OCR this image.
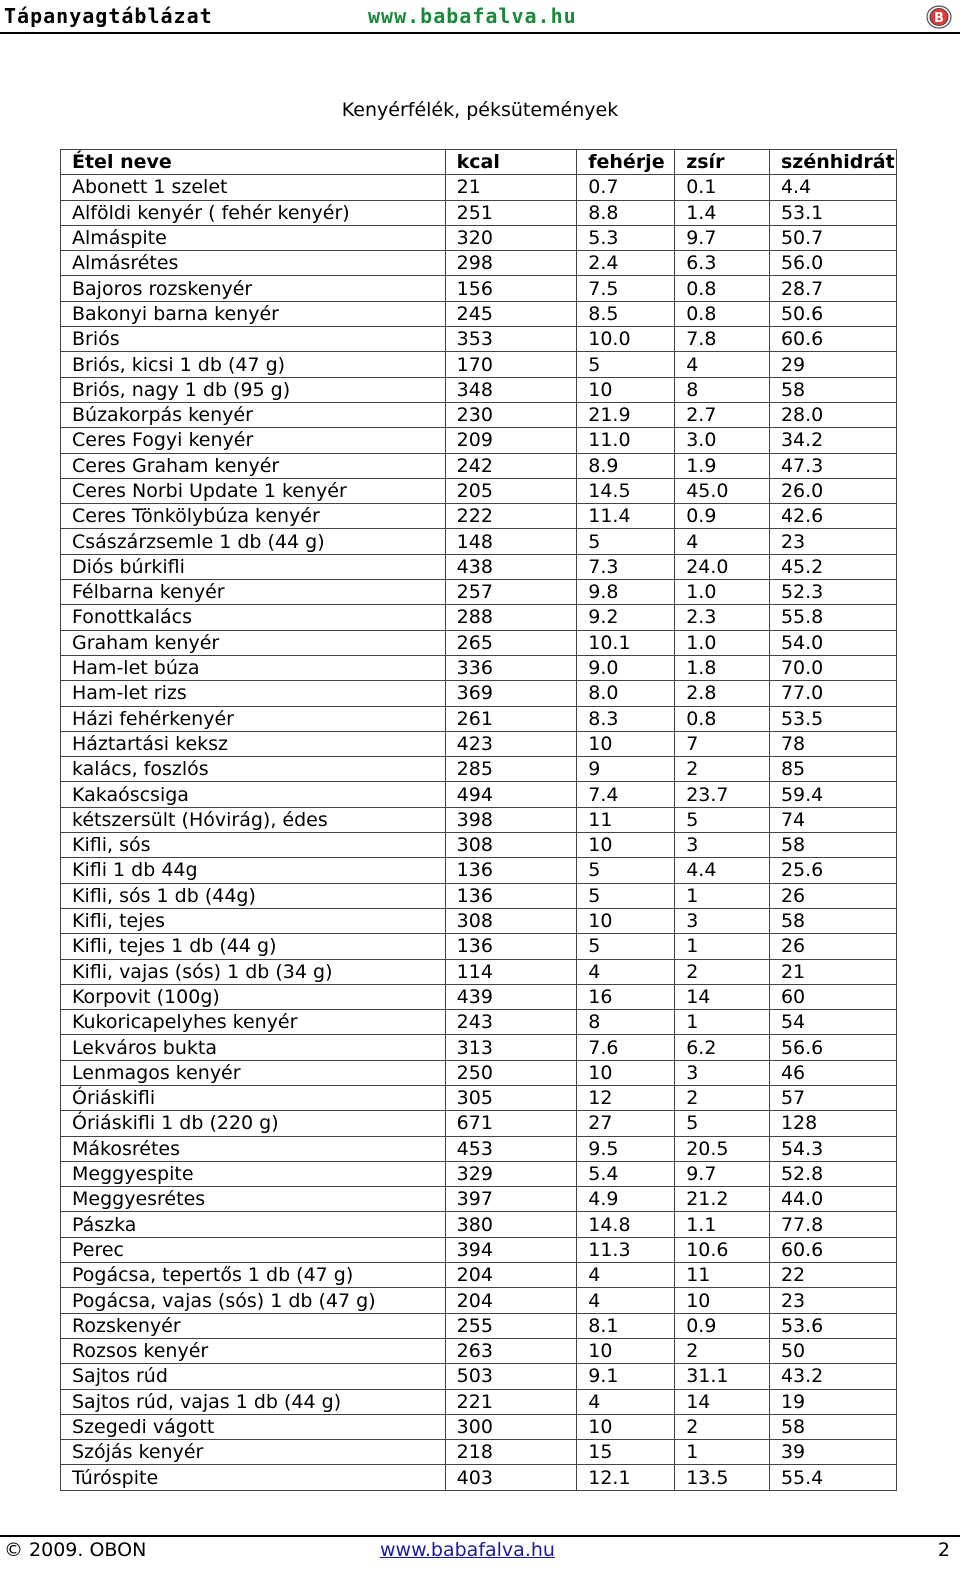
Tápanyagtáblázat	www.babafalva.hu	B
Kenyérfélék, péksütemények
Étel neve	kcal	fehérje	zsír	szénhidrát
Abonett 1 szelet	21	0.7	0.1	4.4
Alföldi kenyér ( fehér kenyér)	251	8.8	1.4	53.1
Almáspite	320	5.3	9.7	50.7
Almásrétes	298	2.4	6.3	56.0
Bajoros rozskenyér	156	7.5	0.8	28.7
Bakonyi barna kenyér	245	8.5	0.8	50.6
Briós	353	10.0	7.8	60.6
Briós, kicsi 1 db (47 g)	170	5	4	29
Briós, nagy 1 db (95 g)	348	10	8	58
Búzakorpás kenyér	230	21.9	2.7	28.0
Ceres Fogyi kenyér	209	11.0	3.0	34.2
Ceres Graham kenyér	242	8.9	1.9	47.3
Ceres Norbi Update 1 kenyér	205	14.5	45.0	26.0
Ceres Tönkölybúza kenyér	222	11.4	0.9	42.6
Császárzsemle 1 db (44 g)	148	5	4	23
Diós búrkifli	438	7.3	24.0	45.2
Félbarna kenyér	257	9.8	1.0	52.3
Fonottkalács	288	9.2	2.3	55.8
Graham kenyér	265	10.1	1.0	54.0
Ham-let búza	336	9.0	1.8	70.0
Ham-let rizs	369	8.0	2.8	77.0
Házi fehérkenyér	261	8.3	0.8	53.5
Háztartási keksz	423	10	7	78
kalács, foszlós	285	9	2	85
Kakaóscsiga	494	7.4	23.7	59.4
kétszersült (Hóvirág), édes	398	11	5	74
Kifli, sós	308	10	3	58
Kifli 1 db 44g	136	5	4.4	25.6
Kifli, sós 1 db (44g)	136	5	1	26
Kifli, tejes	308	10	3	58
Kifli, tejes 1 db (44 g)	136	5	1	26
Kifli, vajas (sós) 1 db (34 g)	114	4	2	21
Korpovit (100g)	439	16	14	60
Kukoricapelyhes kenyér	243	8	1	54
Lekváros bukta	313	7.6	6.2	56.6
Lenmagos kenyér	250	10	3	46
Óriáskifli	305	12	2	57
Óriáskifli 1 db (220 g)	671	27	5	128
Mákosrétes	453	9.5	20.5	54.3
Meggyespite	329	5.4	9.7	52.8
Meggyesrétes	397	4.9	21.2	44.0
Pászka	380	14.8	1.1	77.8
Perec	394	11.3	10.6	60.6
Pogácsa, tepertős 1 db (47 g)	204	4	11	22
Pogácsa, vajas (sós) 1 db (47 g)	204	4	10	23
Rozskenyér	255	8.1	0.9	53.6
Rozsos kenyér	263	10	2	50
Sajtos rúd	503	9.1	31.1	43.2
Sajtos rúd, vajas 1 db (44 g)	221	4	14	19
Szegedi vágott	300	10	2	58
Szójás kenyér	218	15	1	39
Túróspite	403	12.1	13.5	55.4
© 2009. OBON	www.babafalva.hu	2
